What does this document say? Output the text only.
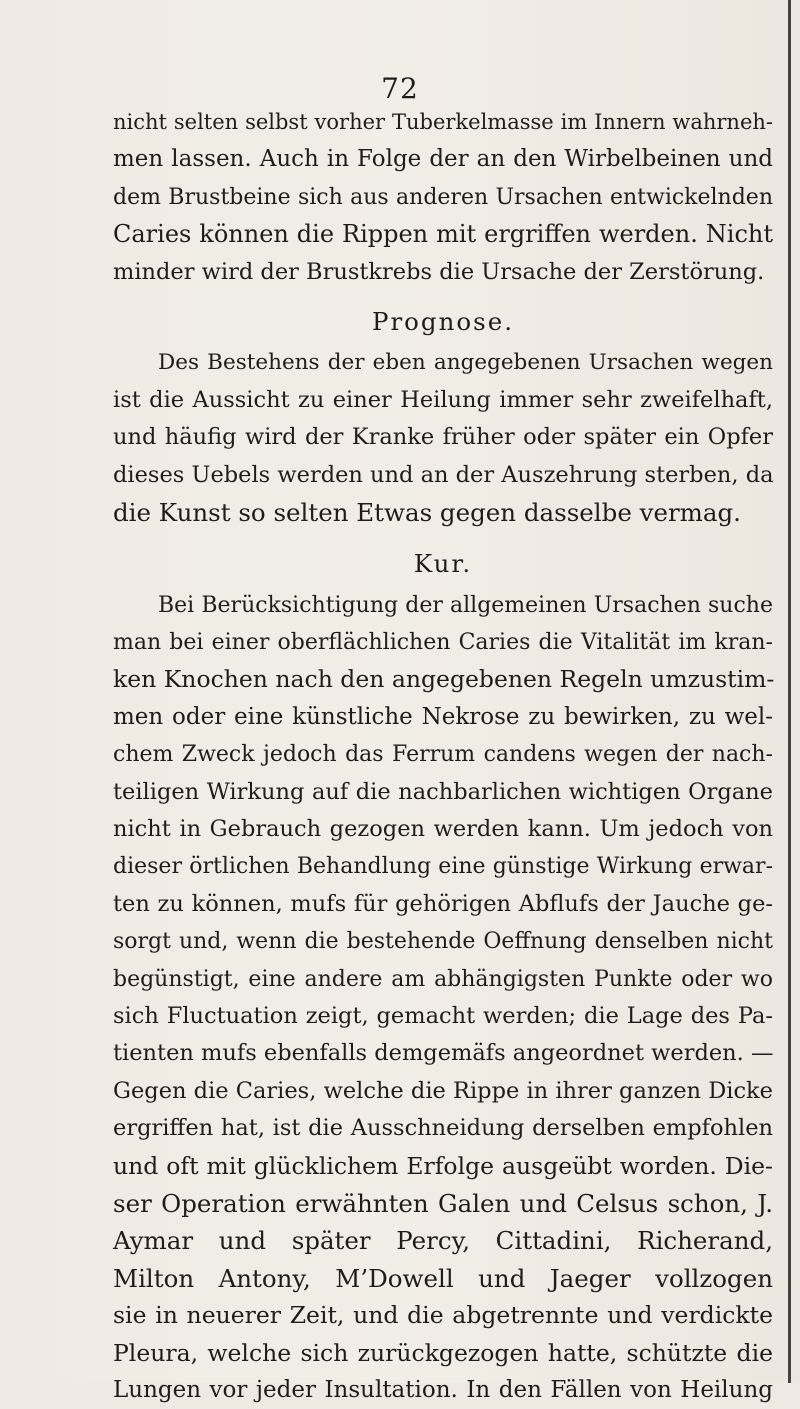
72
nicht selten selbst vorher Tuberkelmasse im Innern wahrneh-
men lassen. Auch in Folge der an den Wirbelbeinen und
dem Brustbeine sich aus anderen Ursachen entwickelnden
Caries können die Rippen mit ergriffen werden. Nicht
minder wird der Brustkrebs die Ursache der Zerstörung.
Prognose.
Des Bestehens der eben angegebenen Ursachen wegen
ist die Aussicht zu einer Heilung immer sehr zweifelhaft,
und häufig wird der Kranke früher oder später ein Opfer
dieses Uebels werden und an der Auszehrung sterben, da
die Kunst so selten Etwas gegen dasselbe vermag.
Kur.
Bei Berücksichtigung der allgemeinen Ursachen suche
man bei einer oberflächlichen Caries die Vitalität im kran-
ken Knochen nach den angegebenen Regeln umzustim-
men oder eine künstliche Nekrose zu bewirken, zu wel-
chem Zweck jedoch das Ferrum candens wegen der nach-
teiligen Wirkung auf die nachbarlichen wichtigen Organe
nicht in Gebrauch gezogen werden kann. Um jedoch von
dieser örtlichen Behandlung eine günstige Wirkung erwar-
ten zu können, mufs für gehörigen Abflufs der Jauche ge-
sorgt und, wenn die bestehende Oeffnung denselben nicht
begünstigt, eine andere am abhängigsten Punkte oder wo
sich Fluctuation zeigt, gemacht werden; die Lage des Pa-
tienten mufs ebenfalls demgemäfs angeordnet werden. —
Gegen die Caries, welche die Rippe in ihrer ganzen Dicke
ergriffen hat, ist die Ausschneidung derselben empfohlen
und oft mit glücklichem Erfolge ausgeübt worden. Die-
ser Operation erwähnten Galen und Celsus schon, J.
Aymar und später Percy, Cittadini, Richerand,
Milton Antony, M’Dowell und Jaeger vollzogen
sie in neuerer Zeit, und die abgetrennte und verdickte
Pleura, welche sich zurückgezogen hatte, schützte die
Lungen vor jeder Insultation. In den Fällen von Heilung
